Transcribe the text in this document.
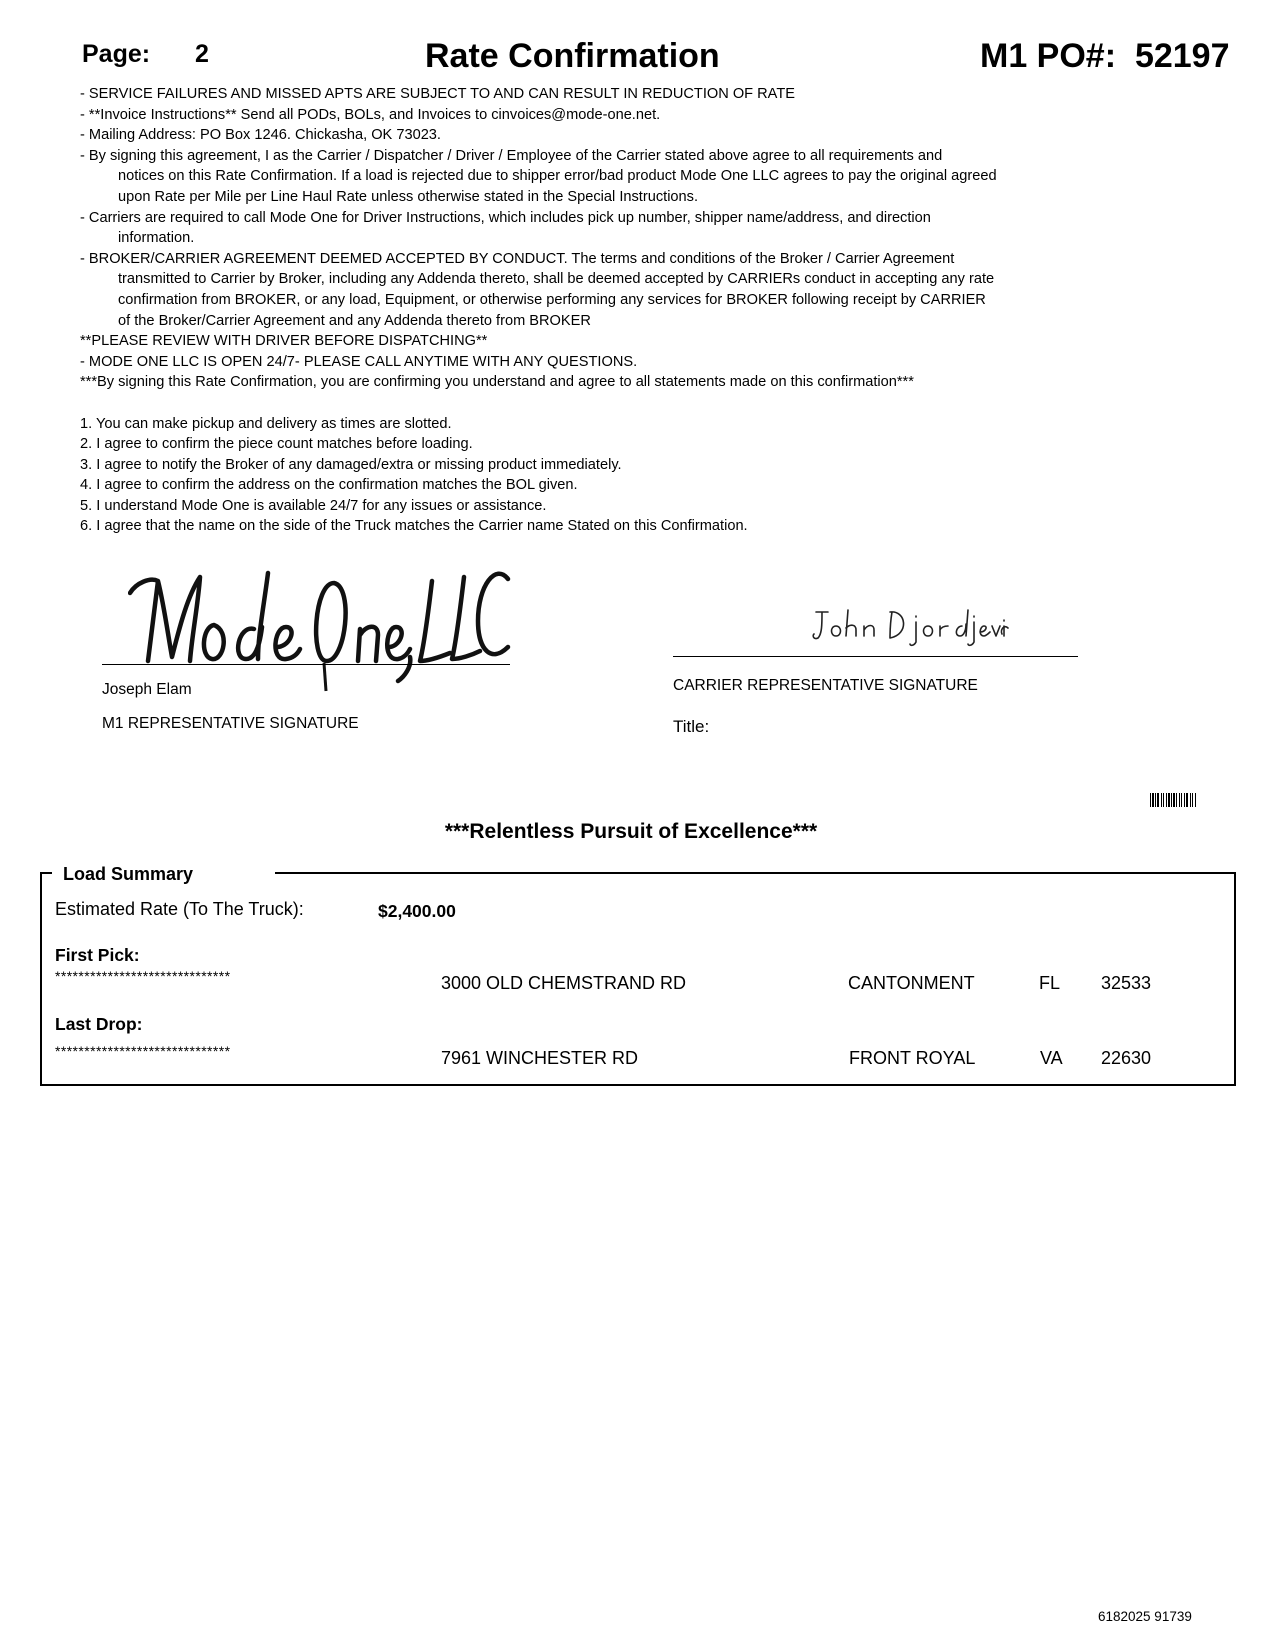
Page: 2	Rate Confirmation	M1 PO#: 52197

- SERVICE FAILURES AND MISSED APTS ARE SUBJECT TO AND CAN RESULT IN REDUCTION OF RATE

- **Invoice Instructions** Send all PODs, BOLs, and Invoices to cinvoices@mode-one.net.

- Mailing Address: PO Box 1246. Chickasha, OK 73023.

- By signing this agreement, I as the Carrier / Dispatcher / Driver / Employee of the Carrier stated above agree to all requirements and

notices on this Rate Confirmation. If a load is rejected due to shipper error/bad product Mode One LLC agrees to pay the original agreed

upon Rate per Mile per Line Haul Rate unless otherwise stated in the Special Instructions.

- Carriers are required to call Mode One for Driver Instructions, which includes pick up number, shipper name/address, and direction

information.

- BROKER/CARRIER AGREEMENT DEEMED ACCEPTED BY CONDUCT. The terms and conditions of the Broker / Carrier Agreement

transmitted to Carrier by Broker, including any Addenda thereto, shall be deemed accepted by CARRIERs conduct in accepting any rate

confirmation from BROKER, or any load, Equipment, or otherwise performing any services for BROKER following receipt by CARRIER

of the Broker/Carrier Agreement and any Addenda thereto from BROKER

**PLEASE REVIEW WITH DRIVER BEFORE DISPATCHING**

- MODE ONE LLC IS OPEN 24/7- PLEASE CALL ANYTIME WITH ANY QUESTIONS.

***By signing this Rate Confirmation, you are confirming you understand and agree to all statements made on this confirmation***

1. You can make pickup and delivery as times are slotted.

2. I agree to confirm the piece count matches before loading.

3. I agree to notify the Broker of any damaged/extra or missing product immediately.

4. I agree to confirm the address on the confirmation matches the BOL given.

5. I understand Mode One is available 24/7 for any issues or assistance.

6. I agree that the name on the side of the Truck matches the Carrier name Stated on this Confirmation.

Joseph Elam
M1 REPRESENTATIVE SIGNATURE
CARRIER REPRESENTATIVE SIGNATURE
Title:
***Relentless Pursuit of Excellence***
Load Summary
Estimated Rate (To The Truck):	$2,400.00
First Pick:
******************************	3000 OLD CHEMSTRAND RD	CANTONMENT	FL 32533
Last Drop:
******************************	7961 WINCHESTER RD	FRONT ROYAL	VA 22630
6182025 91739
